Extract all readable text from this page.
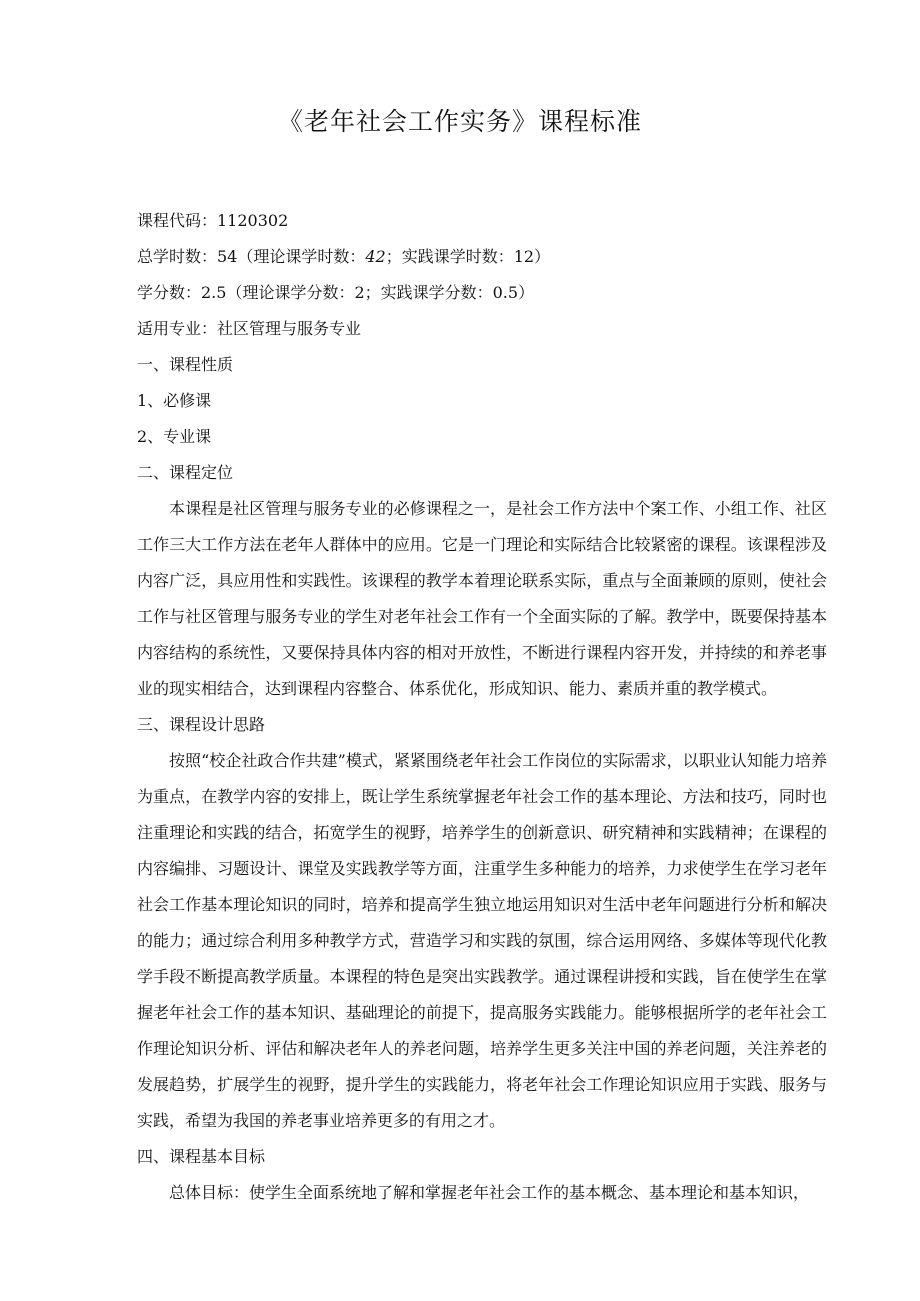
《老年社会工作实务》课程标准
课程代码：1120302
总学时数：54（理论课学时数：42；实践课学时数：12）
学分数：2.5（理论课学分数：2；实践课学分数：0.5）
适用专业：社区管理与服务专业
一、课程性质
1、必修课
2、专业课
二、课程定位
本课程是社区管理与服务专业的必修课程之一，是社会工作方法中个案工作、小组工作、社区工作三大工作方法在老年人群体中的应用。它是一门理论和实际结合比较紧密的课程。该课程涉及内容广泛，具应用性和实践性。该课程的教学本着理论联系实际，重点与全面兼顾的原则，使社会工作与社区管理与服务专业的学生对老年社会工作有一个全面实际的了解。教学中，既要保持基本内容结构的系统性，又要保持具体内容的相对开放性，不断进行课程内容开发，并持续的和养老事业的现实相结合，达到课程内容整合、体系优化，形成知识、能力、素质并重的教学模式。
三、课程设计思路
按照“校企社政合作共建”模式，紧紧围绕老年社会工作岗位的实际需求，以职业认知能力培养为重点，在教学内容的安排上，既让学生系统掌握老年社会工作的基本理论、方法和技巧，同时也注重理论和实践的结合，拓宽学生的视野，培养学生的创新意识、研究精神和实践精神；在课程的内容编排、习题设计、课堂及实践教学等方面，注重学生多种能力的培养，力求使学生在学习老年社会工作基本理论知识的同时，培养和提高学生独立地运用知识对生活中老年问题进行分析和解决的能力；通过综合利用多种教学方式，营造学习和实践的氛围，综合运用网络、多媒体等现代化教学手段不断提高教学质量。本课程的特色是突出实践教学。通过课程讲授和实践，旨在使学生在掌握老年社会工作的基本知识、基础理论的前提下，提高服务实践能力。能够根据所学的老年社会工作理论知识分析、评估和解决老年人的养老问题，培养学生更多关注中国的养老问题，关注养老的发展趋势，扩展学生的视野，提升学生的实践能力，将老年社会工作理论知识应用于实践、服务与实践，希望为我国的养老事业培养更多的有用之才。
四、课程基本目标
总体目标：使学生全面系统地了解和掌握老年社会工作的基本概念、基本理论和基本知识，
